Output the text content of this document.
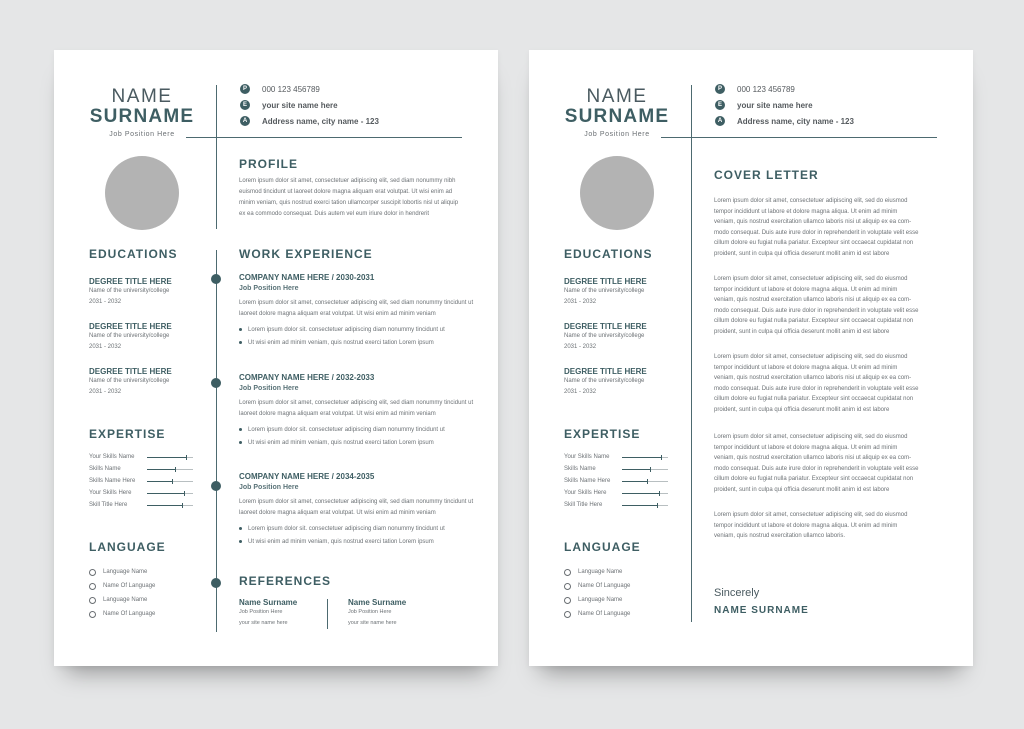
NAME
SURNAME
Job Position Here
P	000 123 456789
E	your site name here
A	Address name, city name - 123
PROFILE
Lorem ipsum dolor sit amet, consectetuer adipiscing elit, sed diam nonummy nibh
euismod tincidunt ut laoreet dolore magna aliquam erat volutpat. Ut wisi enim ad
minim veniam, quis nostrud exerci tation ullamcorper suscipit lobortis nisl ut aliquip
ex ea commodo consequat. Duis autem vel eum iriure dolor in hendrerit
EDUCATIONS
DEGREE TITLE HERE
Name of the university/college
2031 - 2032
DEGREE TITLE HERE
Name of the university/college
2031 - 2032
DEGREE TITLE HERE
Name of the university/college
2031 - 2032
EXPERTISE
Your Skills Name
Skills Name
Skills Name Here
Your Skills Here
Skill Title Here
LANGUAGE
Language Name
Name Of Language
Language Name
Name Of Language
WORK EXPERIENCE
COMPANY NAME HERE / 2030-2031
Job Position Here
Lorem ipsum dolor sit amet, consectetuer adipiscing elit, sed diam nonummy tincidunt ut
laoreet dolore magna aliquam erat volutpat. Ut wisi enim ad minim veniam
Lorem ipsum dolor sit. consectetuer adipiscing diam nonummy tincidunt ut
Ut wisi enim ad minim veniam, quis nostrud exerci tation Lorem ipsum
COMPANY NAME HERE / 2032-2033
Job Position Here
Lorem ipsum dolor sit amet, consectetuer adipiscing elit, sed diam nonummy tincidunt ut
laoreet dolore magna aliquam erat volutpat. Ut wisi enim ad minim veniam
Lorem ipsum dolor sit. consectetuer adipiscing diam nonummy tincidunt ut
Ut wisi enim ad minim veniam, quis nostrud exerci tation Lorem ipsum
COMPANY NAME HERE / 2034-2035
Job Position Here
Lorem ipsum dolor sit amet, consectetuer adipiscing elit, sed diam nonummy tincidunt ut
laoreet dolore magna aliquam erat volutpat. Ut wisi enim ad minim veniam
Lorem ipsum dolor sit. consectetuer adipiscing diam nonummy tincidunt ut
Ut wisi enim ad minim veniam, quis nostrud exerci tation Lorem ipsum
REFERENCES
Name Surname
Job Position Here
your site name here
Name Surname
Job Position Here
your site name here
NAME
SURNAME
Job Position Here
P	000 123 456789
E	your site name here
A	Address name, city name - 123
EDUCATIONS
DEGREE TITLE HERE
Name of the university/college
2031 - 2032
DEGREE TITLE HERE
Name of the university/college
2031 - 2032
DEGREE TITLE HERE
Name of the university/college
2031 - 2032
EXPERTISE
Your Skills Name
Skills Name
Skills Name Here
Your Skills Here
Skill Title Here
LANGUAGE
Language Name
Name Of Language
Language Name
Name Of Language
COVER LETTER
Lorem ipsum dolor sit amet, consectetuer adipiscing elit, sed do eiusmod
tempor incididunt ut labore et dolore magna aliqua. Ut enim ad minim
veniam, quis nostrud exercitation ullamco laboris nisi ut aliquip ex ea com-
modo consequat. Duis aute irure dolor in reprehenderit in voluptate velit esse
cillum dolore eu fugiat nulla pariatur. Excepteur sint occaecat cupidatat non
proident, sunt in culpa qui officia deserunt mollit anim id est labore
Lorem ipsum dolor sit amet, consectetuer adipiscing elit, sed do eiusmod
tempor incididunt ut labore et dolore magna aliqua. Ut enim ad minim
veniam, quis nostrud exercitation ullamco laboris nisi ut aliquip ex ea com-
modo consequat. Duis aute irure dolor in reprehenderit in voluptate velit esse
cillum dolore eu fugiat nulla pariatur. Excepteur sint occaecat cupidatat non
proident, sunt in culpa qui officia deserunt mollit anim id est labore
Lorem ipsum dolor sit amet, consectetuer adipiscing elit, sed do eiusmod
tempor incididunt ut labore et dolore magna aliqua. Ut enim ad minim
veniam, quis nostrud exercitation ullamco laboris nisi ut aliquip ex ea com-
modo consequat. Duis aute irure dolor in reprehenderit in voluptate velit esse
cillum dolore eu fugiat nulla pariatur. Excepteur sint occaecat cupidatat non
proident, sunt in culpa qui officia deserunt mollit anim id est labore
Lorem ipsum dolor sit amet, consectetuer adipiscing elit, sed do eiusmod
tempor incididunt ut labore et dolore magna aliqua. Ut enim ad minim
veniam, quis nostrud exercitation ullamco laboris nisi ut aliquip ex ea com-
modo consequat. Duis aute irure dolor in reprehenderit in voluptate velit esse
cillum dolore eu fugiat nulla pariatur. Excepteur sint occaecat cupidatat non
proident, sunt in culpa qui officia deserunt mollit anim id est labore
Lorem ipsum dolor sit amet, consectetuer adipiscing elit, sed do eiusmod
tempor incididunt ut labore et dolore magna aliqua. Ut enim ad minim
veniam, quis nostrud exercitation ullamco laboris.
Sincerely
NAME SURNAME
